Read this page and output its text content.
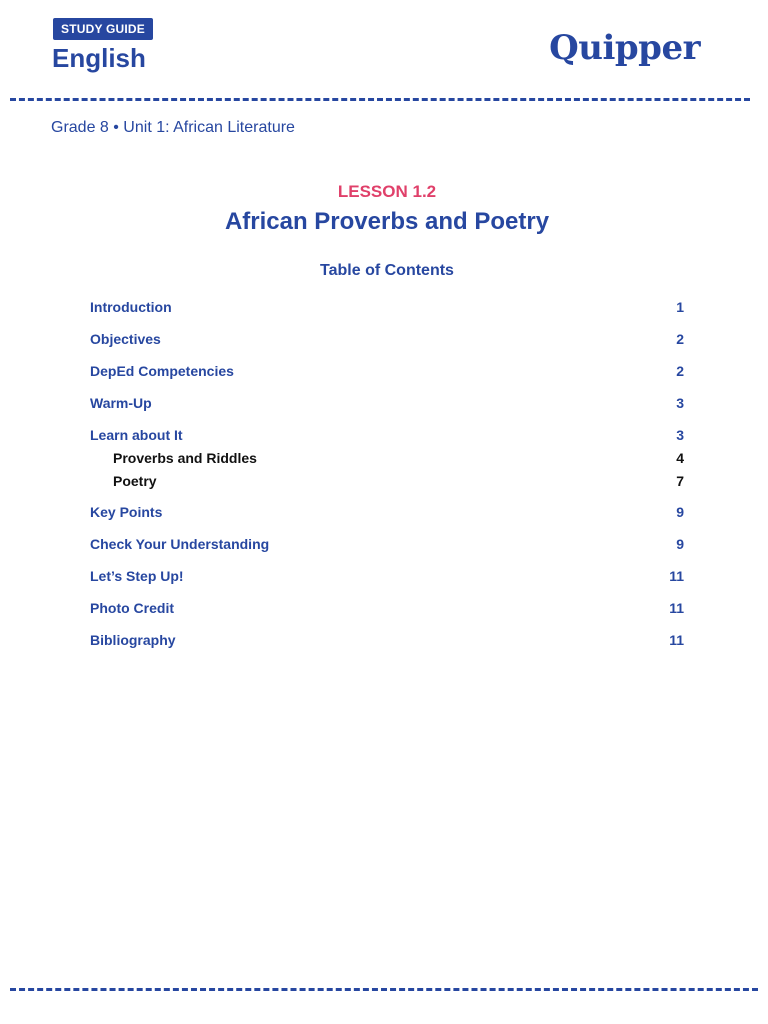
STUDY GUIDE
English	Quipper
Grade 8 • Unit 1: African Literature
LESSON 1.2
African Proverbs and Poetry
Table of Contents
Introduction	1
Objectives	2
DepEd Competencies	2
Warm-Up	3
Learn about It	3
Proverbs and Riddles	4
Poetry	7
Key Points	9
Check Your Understanding	9
Let’s Step Up!	11
Photo Credit	11
Bibliography	11
